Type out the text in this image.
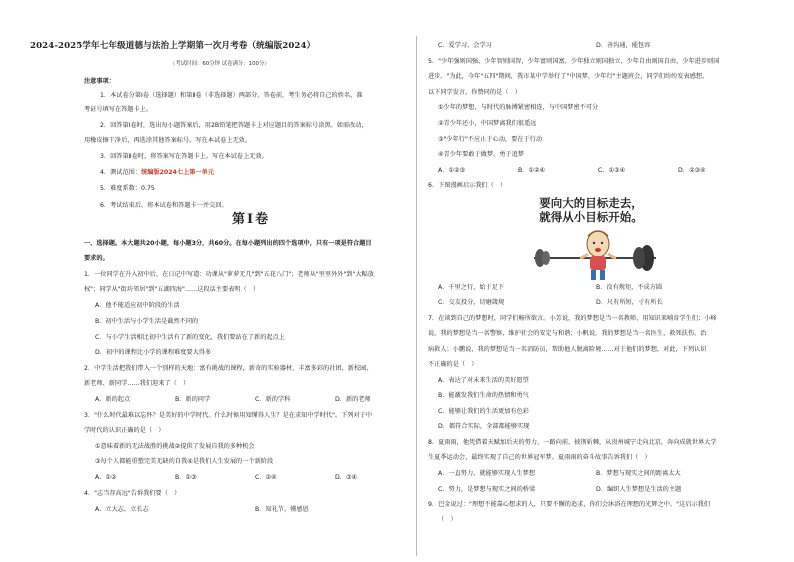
2024-2025学年七年级道德与法治上学期第一次月考卷（统编版2024）
（考试时间：60分钟 试卷满分：100分）
注意事项：
1．本试卷分第Ⅰ卷（选择题）和第Ⅱ卷（非选择题）两部分。答卷前，考生务必将自己的姓名、准
考证号填写在答题卡上。
2．回答第Ⅰ卷时，选出每小题答案后，用2B铅笔把答题卡上对应题目的答案标号涂黑。如需改动，
用橡皮擦干净后，再选涂其他答案标号。写在本试卷上无效。
3．回答第Ⅱ卷时，将答案写在答题卡上。写在本试卷上无效。
4．测试范围：统编版2024七上第一单元
5．难度系数：0.75
6．考试结束后，将本试卷和答题卡一并交回。
第Ⅰ卷
一、选择题。本大题共20小题，每小题3分，共60分。在每小题列出的四个选项中，只有一项是符合题目
要求的。
1．一位同学在升入初中后，在日记中写道：功课从"萝萝无几"到"五花八门"；老师从"里里外外"到"大幅放
权"；同学从"街坊邻居"到"五湖四海"……这段话主要表明（　）
A．他不能适应初中阶段的生活
B．初中生活与小学生活是截然不同的
C．与小学生活相比初中生活有了新的变化，我们要站在了新的起点上
D．初中的课程比小学的课程难度要大得多
2．中学生活把我们带入一个别样的天地：富有挑战的课程，新奇的实验器材，丰富多彩的社团，新校园、
新老师、新同学……我们迎来了（　）
A．新的起点	B．新的同学	C．新的学科	D．新的老师
3．"什么时代最难以忘怀？是美好的中学时代。什么时候用知懂得人生？是在求知中学时代"。下列对于中
学时代的认识正确的是（　）
①意味着新的无法战胜的挑战②提供了发展自我的多种机会
③每个人都能重塑完美无缺的自我④是我们人生发展的一个新阶段
A．①②	B．①③	C．②④	D．③④
4．"志当存高远"告诉我们要（　）
A．立大志，立长志	B．知礼节，懂感恩
C．爱学习，会学习	D．善沟通，能包容
5．"少年强则国强，少年智则国智，少年富则国富，少年独立则国独立，少年自由则国自由，少年进步则国
进步。"为此，今年"五四"期间，我市某中学举行了"中国梦，少年行"主题班会，同学们纷纷发表感想，
以下同学发言，你赞同的是（　）
①少年的梦想，与时代的脉搏紧密相连，与中国梦密不可分
②青少年还小，中国梦离我们很遥远
③"少年行"不应止于心动，要在于行动
④青少年要敢于做梦、勇于追梦
A．①②③	B．①②④	C．①③④	D．②③④
6．下图漫画启示我们（　）
要向大的目标走去，
就得从小目标开始。
A．千里之行，始于足下	B．没有规矩，不成方圆
C．交友投分，切磨箴规	D．尺有所短，寸有所长
7．在谈到自己的梦想时，同学们畅所欲言。小芳说，我的梦想是当一名教师，用知识来哺育学生们；小峰
说，我的梦想是当一名警察，维护社会的安定与和谐；小帆说，我的梦想是当一名医生，救死扶伤，治
病救人；小鹏说，我的梦想是当一名消防员，帮助他人脱离险境……对于他们的梦想，对此，下列认识
不正确的是（　）
A．表达了对未来生活的美好愿望
B．能激发我们生命的热情和勇气
C．能够让我们的生活更加有色彩
D．都符合实际，全部都能够实现
8．夏雨雨，他凭借着天赋加后天的努力，一路向前、披荆斩棘，从贵州城宁走向北京，奔向成就世界大学
生夏季运动会，最终实现了自己的世界冠军梦。夏雨雨的奋斗故事告诉我们（　）
A．一直努力，就能够实现人生梦想	B．梦想与现实之间的距离太大
C．努力，是梦想与现实之间的桥梁	D．编织人生梦想是生活的主题
9．巴金说过："理想不能靠心想求的人，只要不懈的追求，你们会沐浴在理想的光辉之中。"这启示我们
（　）
